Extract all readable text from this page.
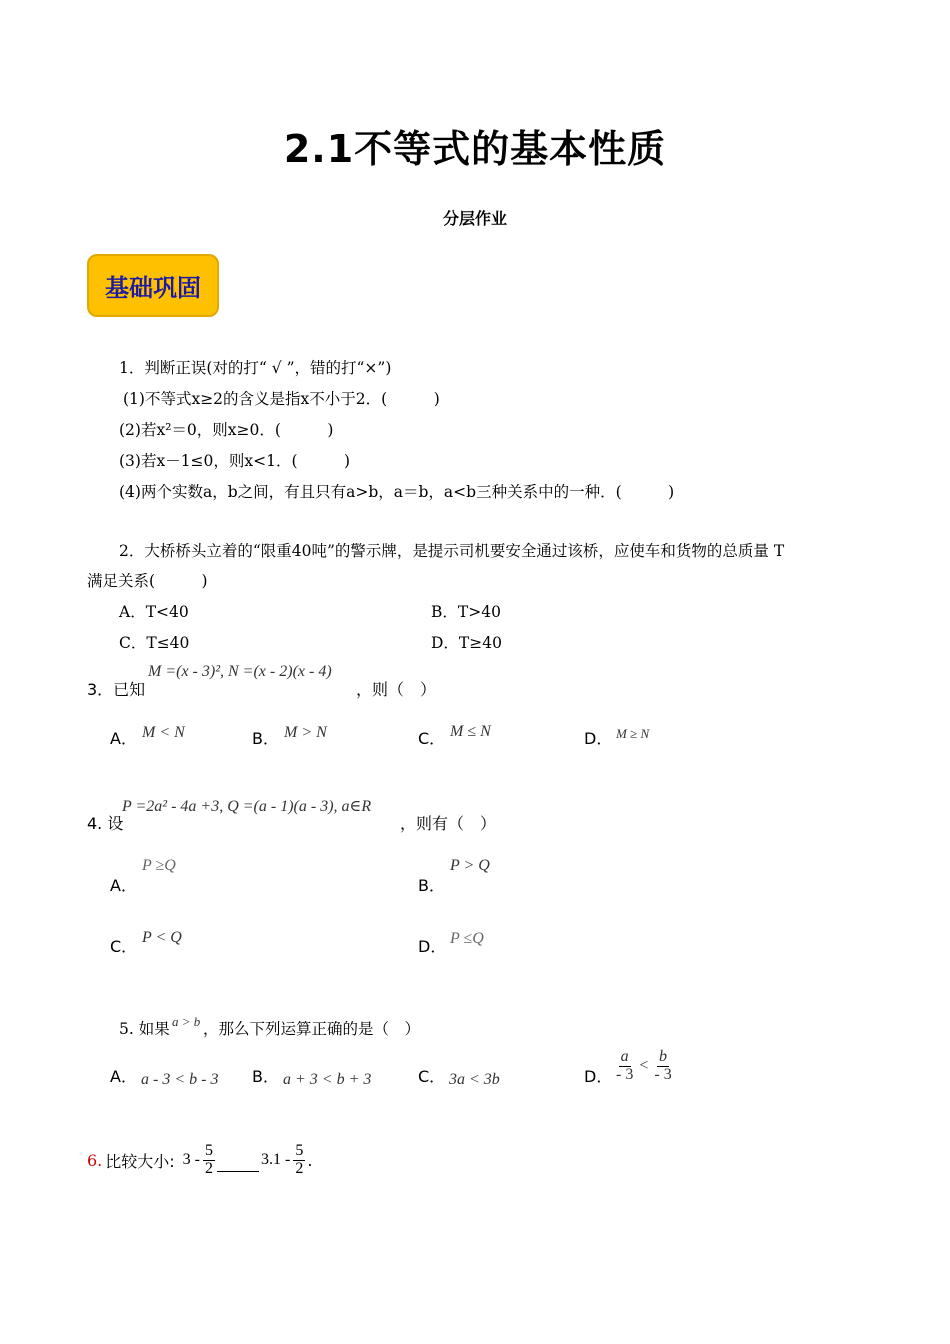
2.1不等式的基本性质
分层作业
基础巩固
1．判断正误(对的打“ √ ”，错的打“×”)
(1)不等式x≥2的含义是指x不小于2．(　　　)
(2)若x²＝0，则x≥0．(　　　)
(3)若x－1≤0，则x<1．(　　　)
(4)两个实数a，b之间，有且只有a>b，a＝b，a<b三种关系中的一种．(　　　)
2．大桥桥头立着的“限重40吨”的警示牌，是提示司机要安全通过该桥，应使车和货物的总质量 T
满足关系(　　　)
A．T<40	B．T>40
C．T≤40	D．T≥40
3．已知
M =(x - 3)², N =(x - 2)(x - 4)
，则（　）
A． M < N	B． M > N	C． M ≤ N	D． M ≥ N
4. 设
P =2a² - 4a +3, Q =(a - 1)(a - 3), a∈R
，则有（　）
A．
P ≥Q
B．
P > Q
C． P < Q	D． P ≤Q
5. 如果 a > b ，那么下列运算正确的是（　）
A． a - 3 < b - 3 B． a + 3 < b + 3	C． 3a < 3b	D． $\frac{a}{- 3} < \frac{b}{- 3}$
6. 比较大小: $3 - \frac{5}{2}$	$3.1 - \frac{5}{2}$ .
